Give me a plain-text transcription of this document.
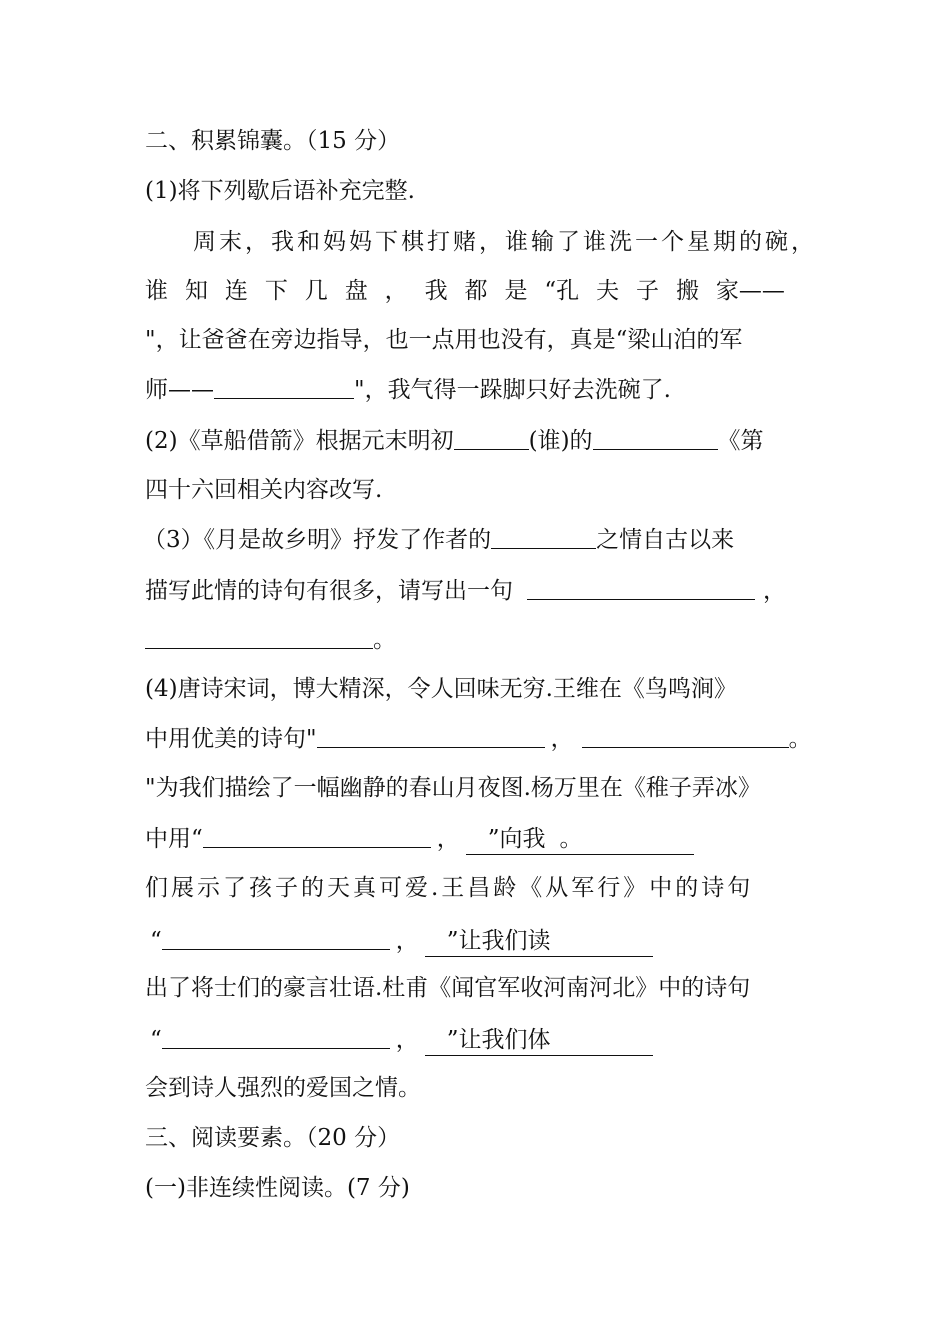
二、积累锦囊。（15 分）
(1)将下列歇后语补充完整.
周末，我和妈妈下棋打赌，谁输了谁洗一个星期的碗，
谁 知 连 下 几 盘 ， 我 都 是 “孔 夫 子 搬 家——
"，让爸爸在旁边指导，也一点用也没有，真是“梁山泊的军
师——	"，我气得一跺脚只好去洗碗了.
(2)《草船借箭》根据元末明初	(谁)的	《第
四十六回相关内容改写.
（3）《月是故乡明》抒发了作者的	之情自古以来
描写此情的诗句有很多，请写出一句	，
。
(4)唐诗宋词，博大精深，令人回味无穷.王维在《鸟鸣涧》
中用优美的诗句"	，	。
"为我们描绘了一幅幽静的春山月夜图.杨万里在《稚子弄冰》
中用“	， ”向我 。
们展示了孩子的天真可爱.王昌龄《从军行》中的诗句
“	， ”让我们读
出了将士们的豪言壮语.杜甫《闻官军收河南河北》中的诗句
“	， ”让我们体
会到诗人强烈的爱国之情。
三、阅读要素。（20 分）
(一)非连续性阅读。(7 分)
